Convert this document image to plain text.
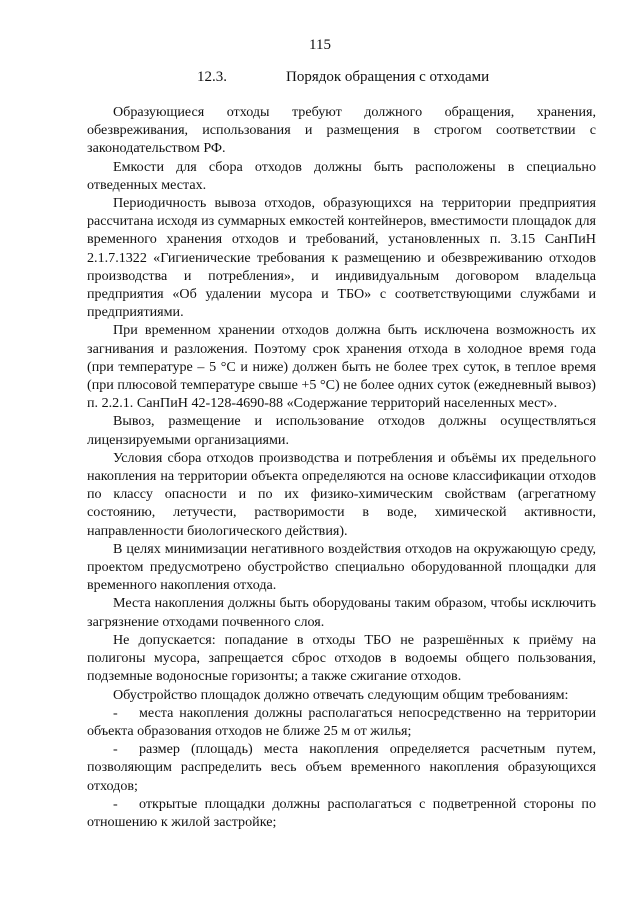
115
12.3.	Порядок обращения с отходами

Образующиеся отходы требуют должного обращения, хранения, обезвреживания, использования и размещения в строгом соответствии с законодательством РФ.

Емкости для сбора отходов должны быть расположены в специально отведенных местах.

Периодичность вывоза отходов, образующихся на территории предприятия рассчитана исходя из суммарных емкостей контейнеров, вместимости площадок для временного хранения отходов и требований, установленных п. 3.15 СанПиН 2.1.7.1322 «Гигиенические требования к размещению и обезвреживанию отходов производства и потребления», и индивидуальным договором владельца предприятия «Об удалении мусора и ТБО» с соответствующими службами и предприятиями.

При временном хранении отходов должна быть исключена возможность их загнивания и разложения. Поэтому срок хранения отхода в холодное время года (при температуре – 5 °С и ниже) должен быть не более трех суток, в теплое время (при плюсовой температуре свыше +5 °С) не более одних суток (ежедневный вывоз) п. 2.2.1. СанПиН 42-128-4690-88 «Содержание территорий населенных мест».

Вывоз, размещение и использование отходов должны осуществляться лицензируемыми организациями.

Условия сбора отходов производства и потребления и объёмы их предельного накопления на территории объекта определяются на основе классификации отходов по классу опасности и по их физико-химическим свойствам (агрегатному состоянию, летучести, растворимости в воде, химической активности, направленности биологического действия).

В целях минимизации негативного воздействия отходов на окружающую среду, проектом предусмотрено обустройство специально оборудованной площадки для временного накопления отхода.

Места накопления должны быть оборудованы таким образом, чтобы исключить загрязнение отходами почвенного слоя.

Не допускается: попадание в отходы ТБО не разрешённых к приёму на полигоны мусора, запрещается сброс отходов в водоемы общего пользования, подземные водоносные горизонты; а также сжигание отходов.

Обустройство площадок должно отвечать следующим общим требованиям:

- места накопления должны располагаться непосредственно на территории объекта образования отходов не ближе 25 м от жилья;

- размер (площадь) места накопления определяется расчетным путем, позволяющим распределить весь объем временного накопления образующихся отходов;

- открытые площадки должны располагаться с подветренной стороны по отношению к жилой застройке;
